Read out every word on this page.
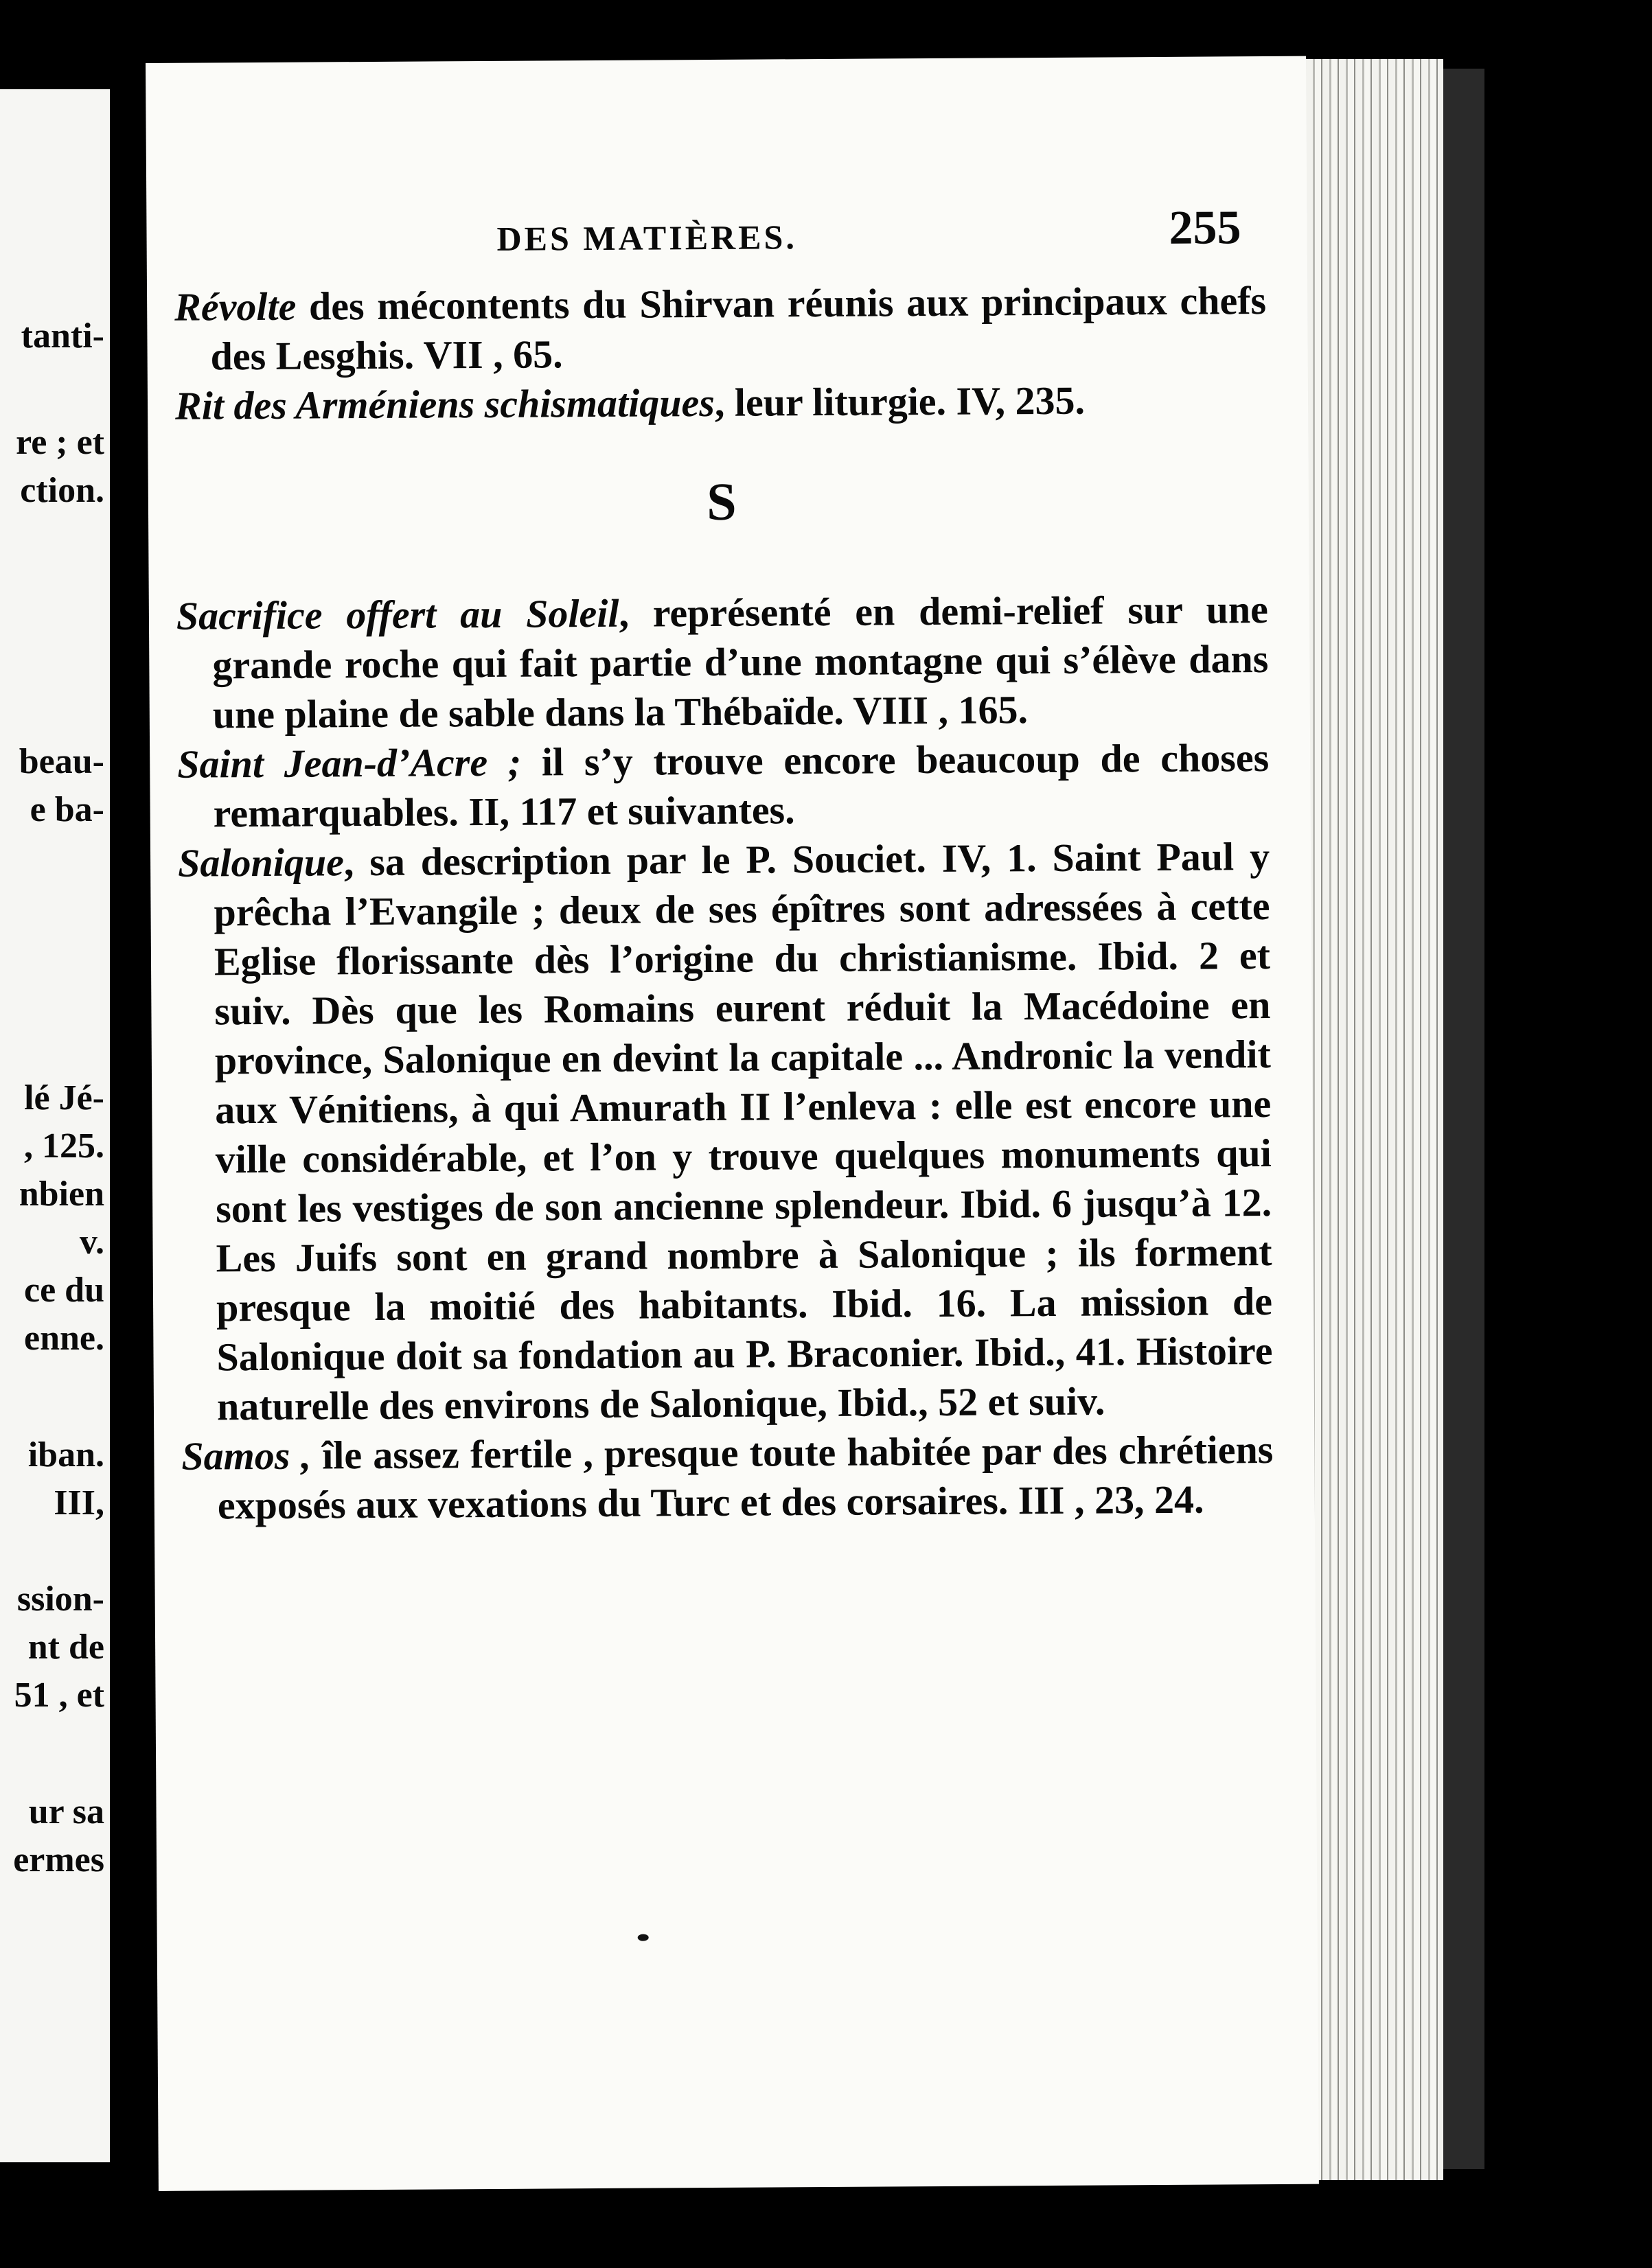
tanti-
re ; et
ction.
beau-
e ba-
lé Jé-
, 125.
nbien
v.
ce du
enne.
iban.
III,
ssion-
nt de
51 , et
ur sa
ermes
DES MATIÈRES.	255

Révolte des mécontents du Shirvan réunis aux principaux chefs des Lesghis. VII , 65.

Rit des Arméniens schismatiques, leur liturgie. IV, 235.

S

Sacrifice offert au Soleil, représenté en demi-relief sur une grande roche qui fait partie d’une montagne qui s’élève dans une plaine de sable dans la Thébaïde. VIII , 165.

Saint Jean-d’Acre ; il s’y trouve encore beaucoup de choses remarquables. II, 117 et suivantes.

Salonique, sa description par le P. Souciet. IV, 1. Saint Paul y prêcha l’Evangile ; deux de ses épîtres sont adressées à cette Eglise florissante dès l’origine du christianisme. Ibid. 2 et suiv. Dès que les Romains eurent réduit la Macédoine en province, Salonique en devint la capitale ... Andronic la vendit aux Vénitiens, à qui Amurath II l’enleva : elle est encore une ville considérable, et l’on y trouve quelques monuments qui sont les vestiges de son ancienne splendeur. Ibid. 6 jusqu’à 12. Les Juifs sont en grand nombre à Salonique ; ils forment presque la moitié des habitants. Ibid. 16. La mission de Salonique doit sa fondation au P. Braconier. Ibid., 41. Histoire naturelle des environs de Salonique, Ibid., 52 et suiv.

Samos , île assez fertile , presque toute habitée par des chrétiens exposés aux vexations du Turc et des corsaires. III , 23, 24.
